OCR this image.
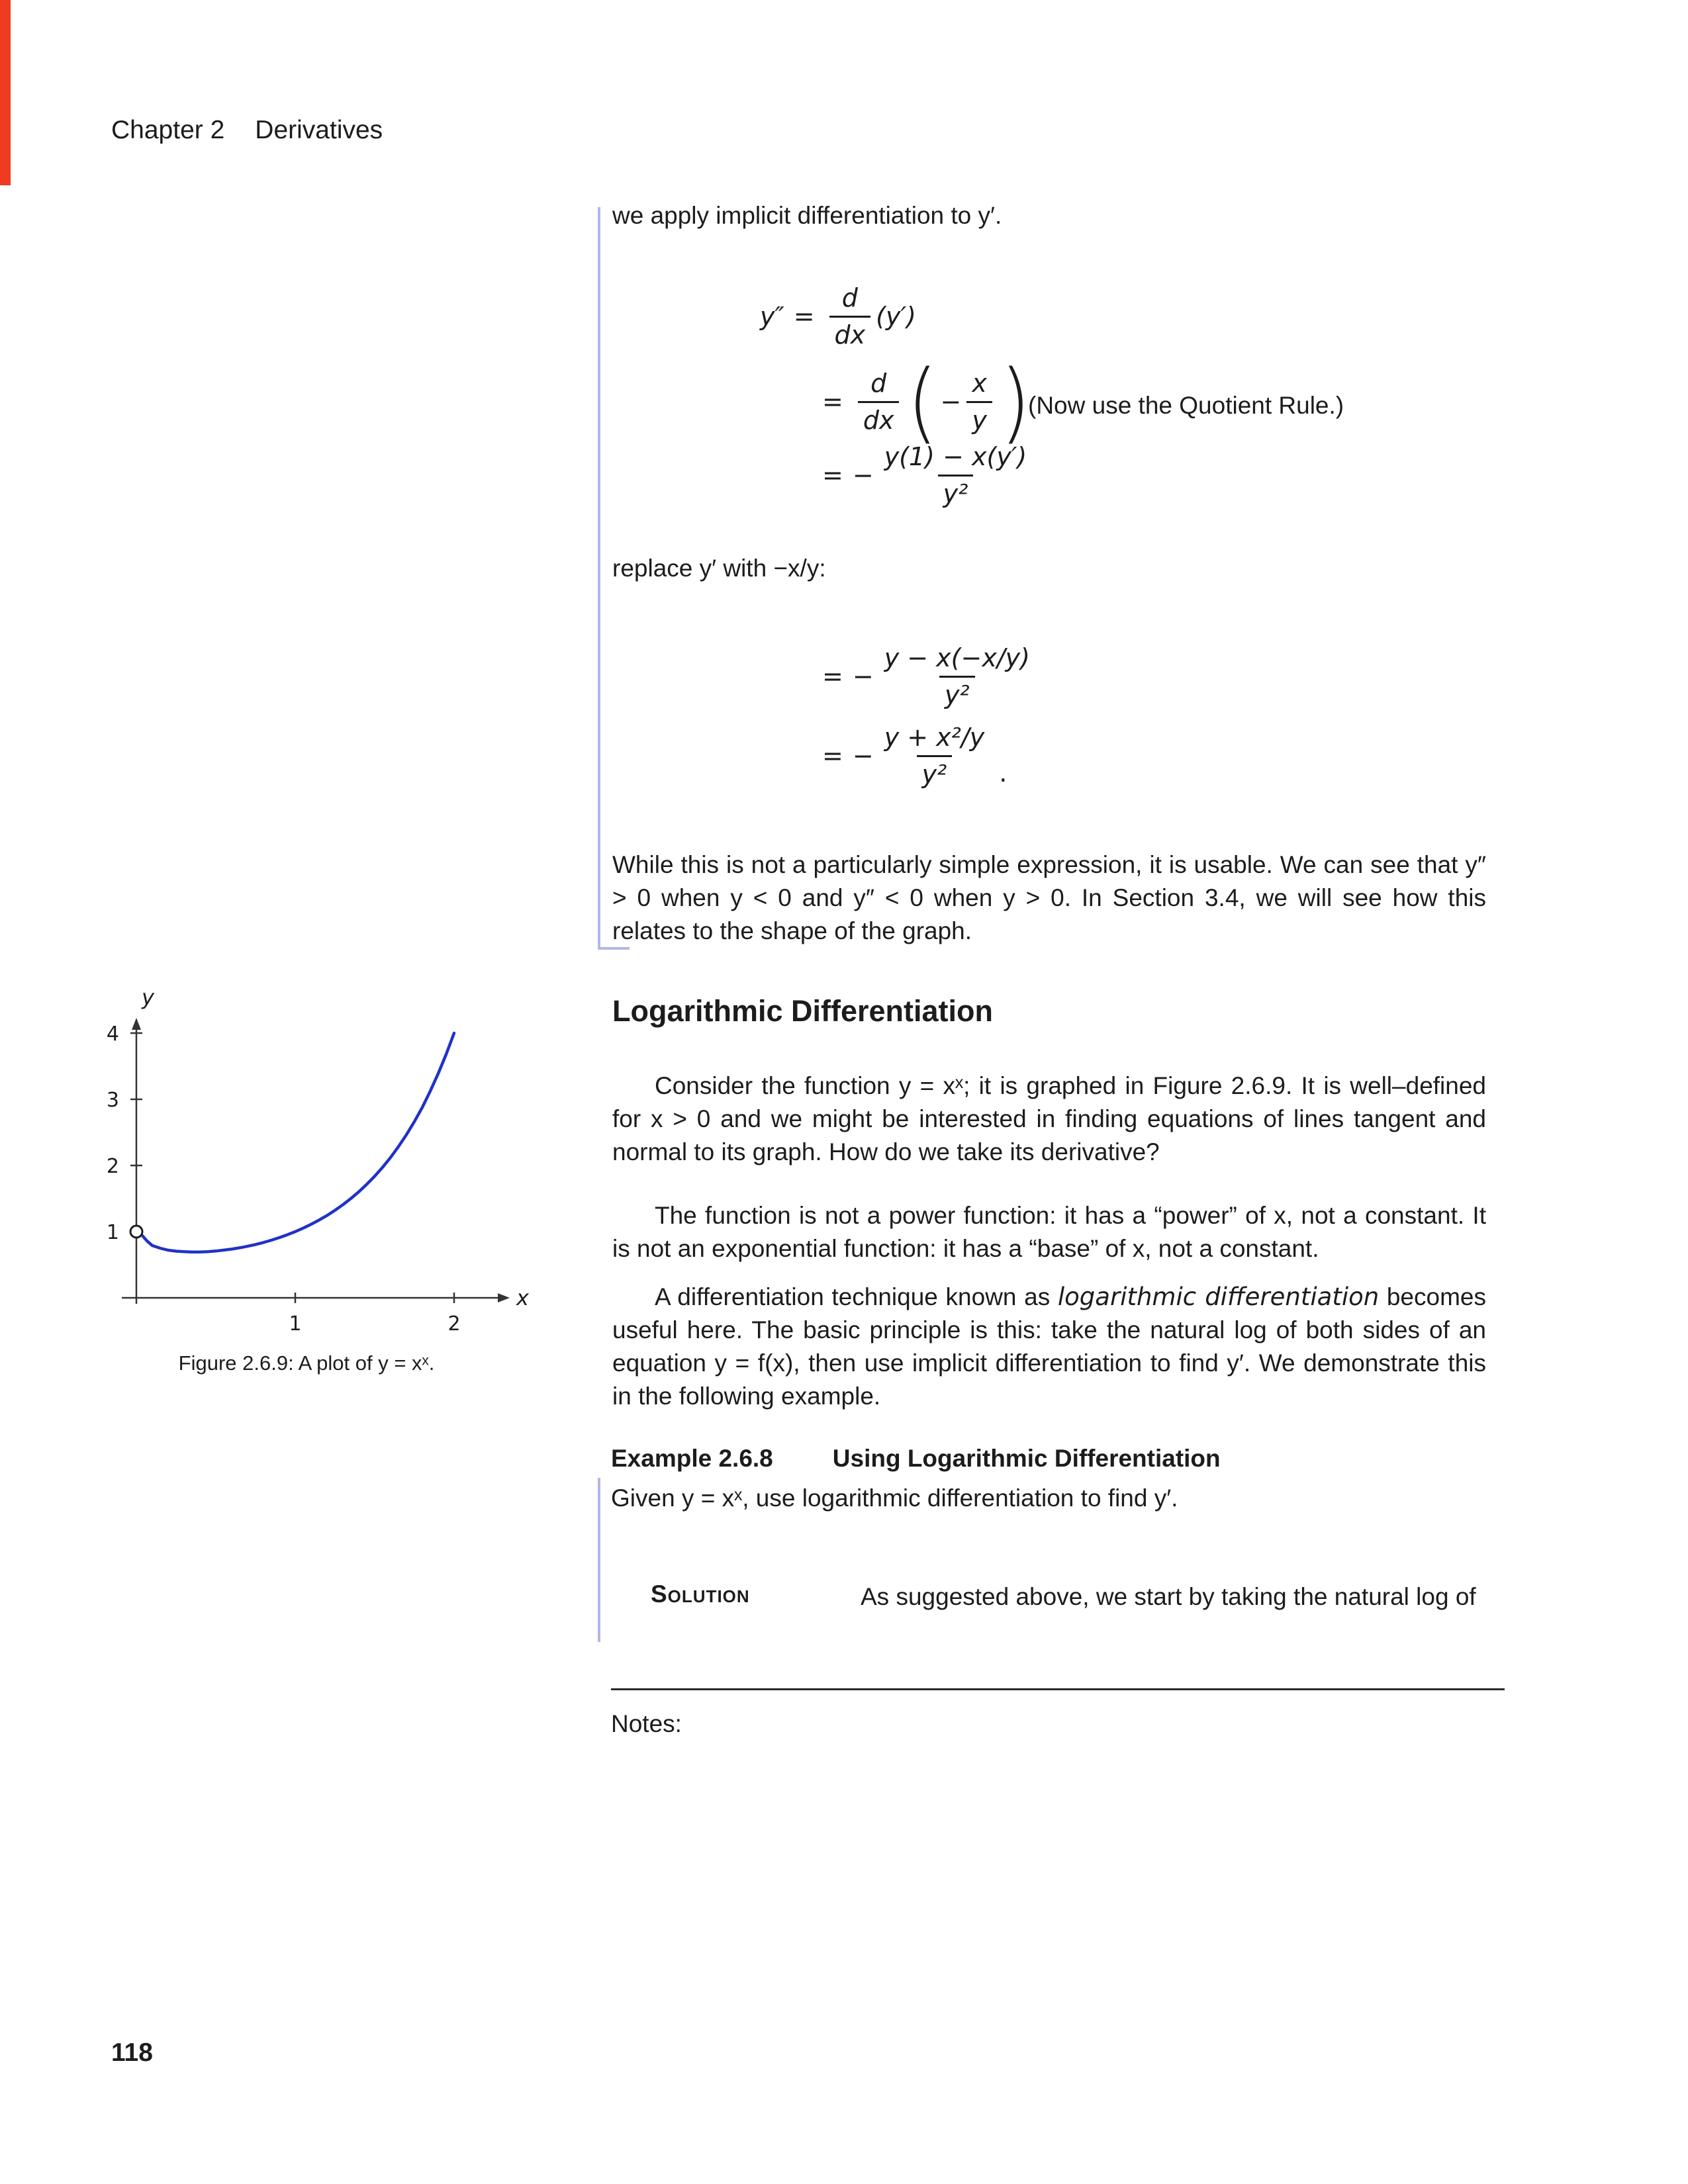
Chapter 2 Derivatives
we apply implicit differentiation to y′.
$y'' = \frac{d}{dx} (y')$
= $\frac{d}{dx}$ ( − $\frac{x}{y}$ )
(Now use the Quotient Rule.)
= − $\frac{y(1) - x(y')}{\text{y²}}$
replace y′ with −x/y:
= − $\frac{y - x(-x/y)}{\text{y²}}$
= − $\frac{\text{y + x²/y}}{\text{y²}}$ .
While this is not a particularly simple expression, it is usable. We can see that y″ > 0 when y < 0 and y″ < 0 when y > 0. In Section 3.4, we will see how this relates to the shape of the graph.
Logarithmic Differentiation
Consider the function y = xˣ; it is graphed in Figure 2.6.9. It is well–defined for x > 0 and we might be interested in finding equations of lines tangent and normal to its graph. How do we take its derivative?
The function is not a power function: it has a “power” of x, not a constant. It is not an exponential function: it has a “base” of x, not a constant.
A differentiation technique known as logarithmic differentiation becomes useful here. The basic principle is this: take the natural log of both sides of an equation y = f(x), then use implicit differentiation to find y′. We demonstrate this in the following example.
1
2
3
4
1	2
y
x
Figure 2.6.9: A plot of y = xˣ.
Example 2.6.8 Using Logarithmic Differentiation
Given y = xˣ, use logarithmic differentiation to find y′.
Solution	As suggested above, we start by taking the natural log of
Notes:
118
